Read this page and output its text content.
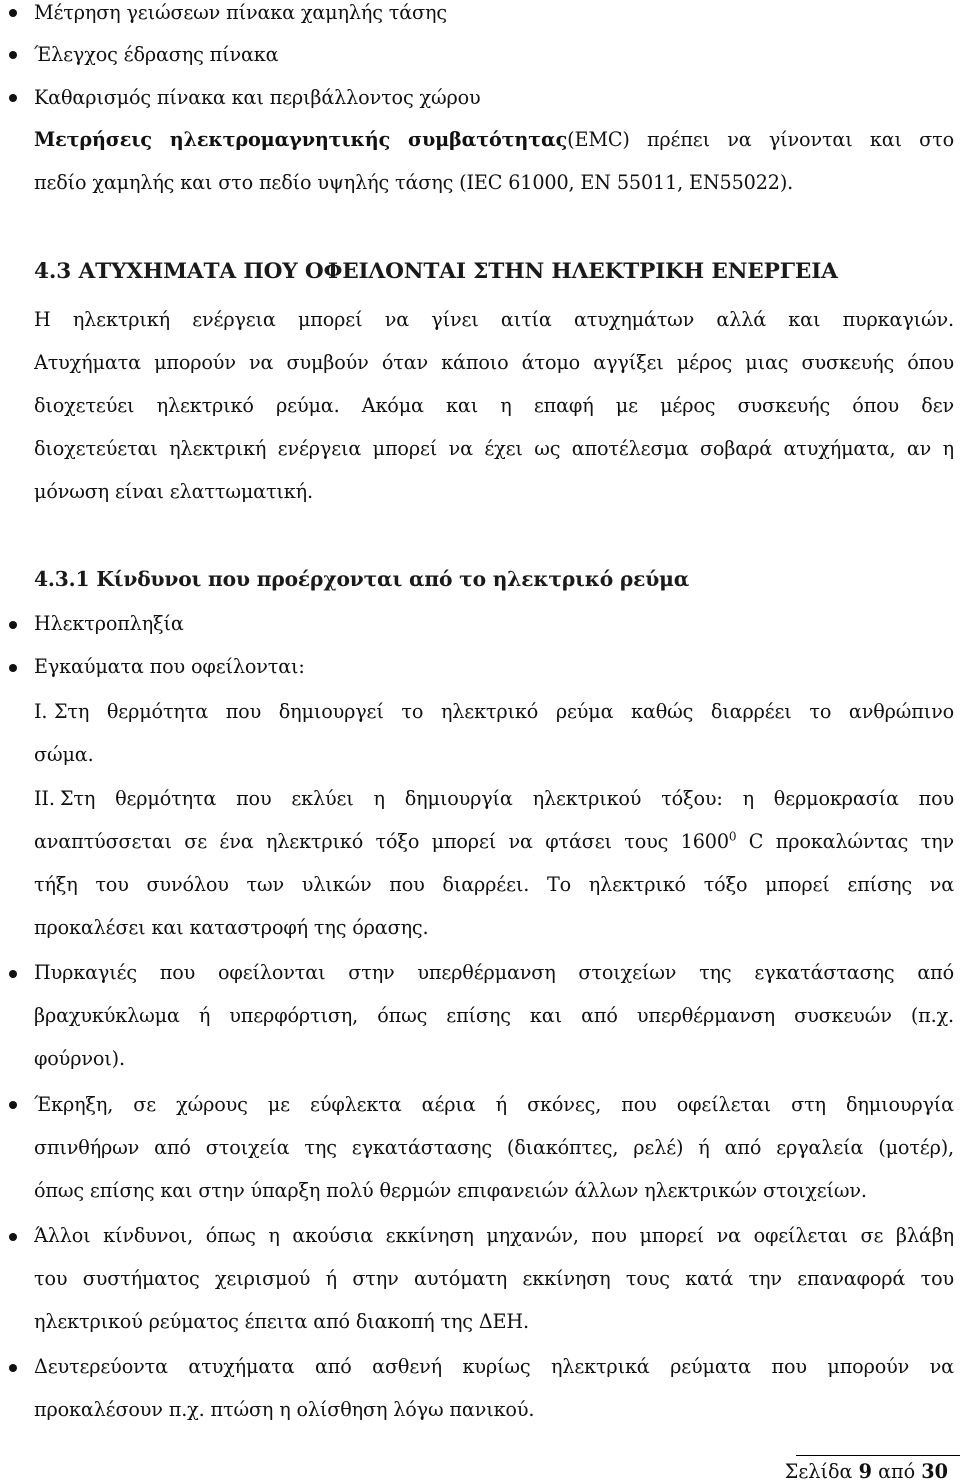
Μέτρηση γειώσεων πίνακα χαμηλής τάσης
Έλεγχος έδρασης πίνακα
Καθαρισμός πίνακα και περιβάλλοντος χώρου
Μετρήσεις ηλεκτρομαγνητικής συμβατότητας(EMC) πρέπει να γίνονται και στο
πεδίο χαμηλής και στο πεδίο υψηλής τάσης (IEC 61000, EN 55011, EN55022).
4.3 ΑΤΥΧΗΜΑΤΑ ΠΟΥ ΟΦΕΙΛΟΝΤΑΙ ΣΤΗΝ ΗΛΕΚΤΡΙΚΗ ΕΝΕΡΓΕΙΑ
Η ηλεκτρική ενέργεια μπορεί να γίνει αιτία ατυχημάτων αλλά και πυρκαγιών.
Ατυχήματα μπορούν να συμβούν όταν κάποιο άτομο αγγίξει μέρος μιας συσκευής όπου
διοχετεύει ηλεκτρικό ρεύμα. Ακόμα και η επαφή με μέρος συσκευής όπου δεν
διοχετεύεται ηλεκτρική ενέργεια μπορεί να έχει ως αποτέλεσμα σοβαρά ατυχήματα, αν η
μόνωση είναι ελαττωματική.
4.3.1 Κίνδυνοι που προέρχονται από το ηλεκτρικό ρεύμα
Ηλεκτροπληξία
Εγκαύματα που οφείλονται:
I. Στη θερμότητα που δημιουργεί το ηλεκτρικό ρεύμα καθώς διαρρέει το ανθρώπινο
σώμα.
II. Στη θερμότητα που εκλύει η δημιουργία ηλεκτρικού τόξου: η θερμοκρασία που
αναπτύσσεται σε ένα ηλεκτρικό τόξο μπορεί να φτάσει τους 1600$^0$ C προκαλώντας την
τήξη του συνόλου των υλικών που διαρρέει. Το ηλεκτρικό τόξο μπορεί επίσης να
προκαλέσει και καταστροφή της όρασης.
Πυρκαγιές που οφείλονται στην υπερθέρμανση στοιχείων της εγκατάστασης από
βραχυκύκλωμα ή υπερφόρτιση, όπως επίσης και από υπερθέρμανση συσκευών (π.χ.
φούρνοι).
Έκρηξη, σε χώρους με εύφλεκτα αέρια ή σκόνες, που οφείλεται στη δημιουργία
σπινθήρων από στοιχεία της εγκατάστασης (διακόπτες, ρελέ) ή από εργαλεία (μοτέρ),
όπως επίσης και στην ύπαρξη πολύ θερμών επιφανειών άλλων ηλεκτρικών στοιχείων.
Άλλοι κίνδυνοι, όπως η ακούσια εκκίνηση μηχανών, που μπορεί να οφείλεται σε βλάβη
του συστήματος χειρισμού ή στην αυτόματη εκκίνηση τους κατά την επαναφορά του
ηλεκτρικού ρεύματος έπειτα από διακοπή της ΔΕΗ.
Δευτερεύοντα ατυχήματα από ασθενή κυρίως ηλεκτρικά ρεύματα που μπορούν να
προκαλέσουν π.χ. πτώση η ολίσθηση λόγω πανικού.
Σελίδα 9 από 30
